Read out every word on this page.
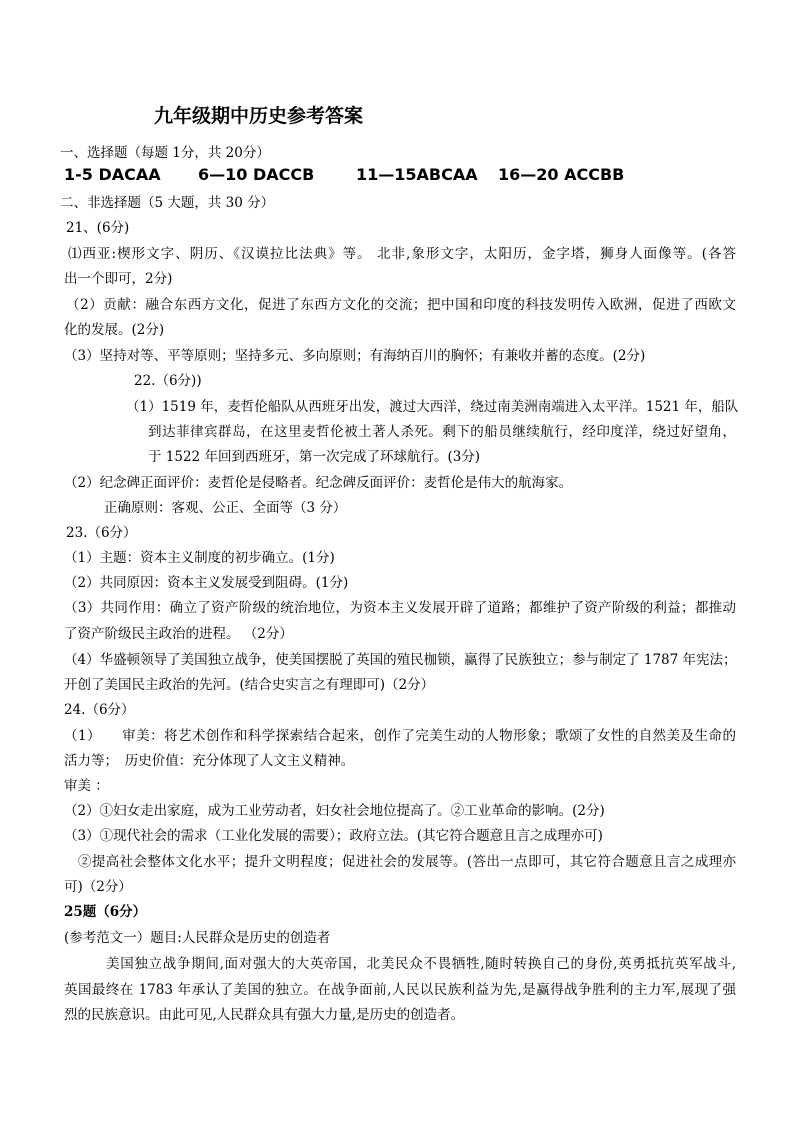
九年级期中历史参考答案
一、选择题（每题 1分，共 20分）
1-5 DACAA 6—10 DACCB	11—15ABCAA 16—20 ACCBB
二、非选择题（5 大题，共 30 分）
21、(6分)
⑴西亚:楔形文字、阴历、《汉谟拉比法典》等。 北非,象形文字，太阳历，金字塔，狮身人面像等。(各答
出一个即可，2分)
（2）贡献：融合东西方文化，促进了东西方文化的交流；把中国和印度的科技发明传入欧洲，促进了西欧文
化的发展。(2分)
（3）坚持对等、平等原则；坚持多元、多向原则；有海纳百川的胸怀；有兼收并蓄的态度。(2分)
22.（6分))
（1）1519 年，麦哲伦船队从西班牙出发，渡过大西洋，绕过南美洲南端进入太平洋。1521 年，船队
到达菲律宾群岛，在这里麦哲伦被土著人杀死。剩下的船员继续航行，经印度洋，绕过好望角，
于 1522 年回到西班牙，第一次完成了环球航行。(3分)
（2）纪念碑正面评价：麦哲伦是侵略者。纪念碑反面评价：麦哲伦是伟大的航海家。
正确原则：客观、公正、全面等（3 分）
23.（6分）
（1）主题：资本主义制度的初步确立。(1分)
（2）共同原因：资本主义发展受到阻碍。(1分)
（3）共同作用：确立了资产阶级的统治地位，为资本主义发展开辟了道路；都维护了资产阶级的利益；都推动
了资产阶级民主政治的进程。 （2分）
（4）华盛顿领导了美国独立战争，使美国摆脱了英国的殖民枷锁，赢得了民族独立；参与制定了 1787 年宪法；
开创了美国民主政治的先河。(结合史实言之有理即可)（2分）
24.（6分）
（1）　　审美：将艺术创作和科学探索结合起来，创作了完美生动的人物形象；歌颂了女性的自然美及生命的
活力等；　历史价值：充分体现了人文主义精神。
审美 ：
（2）①妇女走出家庭，成为工业劳动者，妇女社会地位提高了。②工业革命的影响。(2分)
（3）①现代社会的需求（工业化发展的需要）；政府立法。(其它符合题意且言之成理亦可)
②提高社会整体文化水平；提升文明程度；促进社会的发展等。(答出一点即可，其它符合题意且言之成理亦
可)（2分）
25题（6分）
(参考范文一）题目:人民群众是历史的创造者
美国独立战争期间,面对强大的大英帝国，北美民众不畏牺牲,随时转换自己的身份,英勇抵抗英军战斗,
英国最终在 1783 年承认了美国的独立。在战争面前,人民以民族利益为先,是赢得战争胜利的主力军,展现了强
烈的民族意识。由此可见,人民群众具有强大力量,是历史的创造者。
